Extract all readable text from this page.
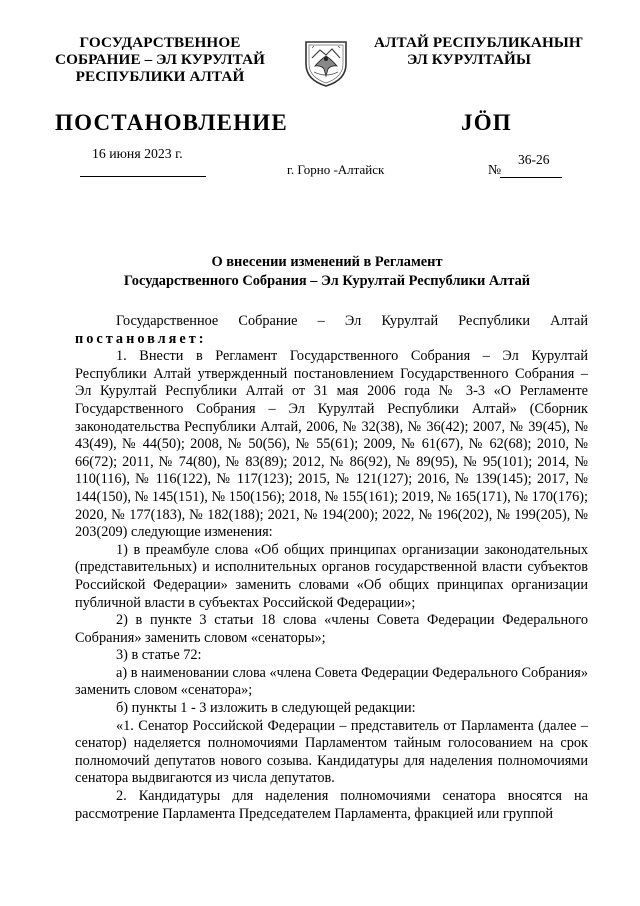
ГОСУДАРСТВЕННОЕ
СОБРАНИЕ – ЭЛ КУРУЛТАЙ
РЕСПУБЛИКИ АЛТАЙ
АЛТАЙ РЕСПУБЛИКАНЫҤ
ЭЛ КУРУЛТАЙЫ
ПОСТАНОВЛЕНИЕ	JÖП
16 июня 2023 г.
г. Горно -Алтайск	№
36-26
О внесении изменений в Регламент
Государственного Собрания – Эл Курултай Республики Алтай

Государственное Собрание – Эл Курултай Республики Алтай постановляет:

1. Внести в Регламент Государственного Собрания – Эл Курултай Республики Алтай утвержденный постановлением Государственного Собрания – Эл Курултай Республики Алтай от 31 мая 2006 года № 3-3 «О Регламенте Государственного Собрания – Эл Курултай Республики Алтай» (Сборник законодательства Республики Алтай, 2006, № 32(38), № 36(42); 2007, № 39(45), № 43(49), № 44(50); 2008, № 50(56), № 55(61); 2009, № 61(67), № 62(68); 2010, № 66(72); 2011, № 74(80), № 83(89); 2012, № 86(92), № 89(95), № 95(101); 2014, № 110(116), № 116(122), № 117(123); 2015, № 121(127); 2016, № 139(145); 2017, № 144(150), № 145(151), № 150(156); 2018, № 155(161); 2019, № 165(171), № 170(176); 2020, № 177(183), № 182(188); 2021, № 194(200); 2022, № 196(202), № 199(205), № 203(209) следующие изменения:

1) в преамбуле слова «Об общих принципах организации законодательных (представительных) и исполнительных органов государственной власти субъектов Российской Федерации» заменить словами «Об общих принципах организации публичной власти в субъектах Российской Федерации»;

2) в пункте 3 статьи 18 слова «члены Совета Федерации Федерального Собрания» заменить словом «сенаторы»;

3) в статье 72:

а) в наименовании слова «члена Совета Федерации Федерального Собрания» заменить словом «сенатора»;

б) пункты 1 - 3 изложить в следующей редакции:

«1. Сенатор Российской Федерации – представитель от Парламента (далее – сенатор) наделяется полномочиями Парламентом тайным голосованием на срок полномочий депутатов нового созыва. Кандидатуры для наделения полномочиями сенатора выдвигаются из числа депутатов.

2. Кандидатуры для наделения полномочиями сенатора вносятся на рассмотрение Парламента Председателем Парламента, фракцией или группой
